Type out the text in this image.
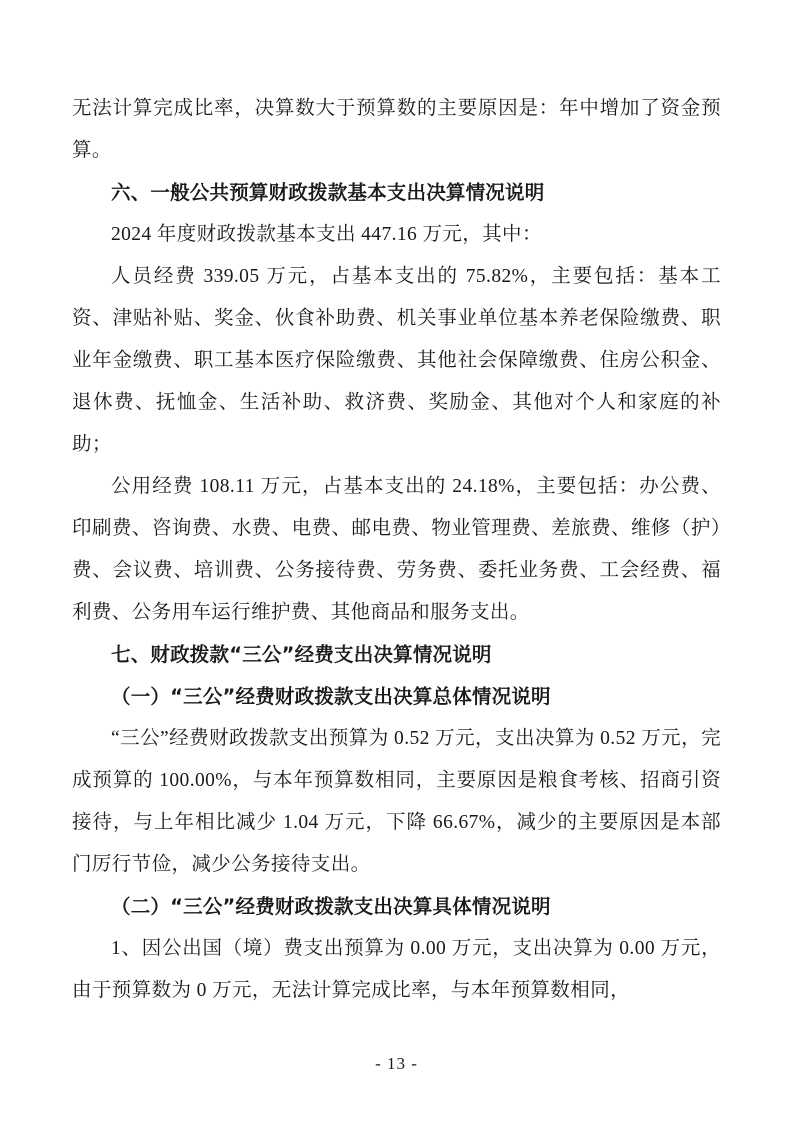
无法计算完成比率，决算数大于预算数的主要原因是：年中增加了资金预算。

六、一般公共预算财政拨款基本支出决算情况说明

2024 年度财政拨款基本支出 447.16 万元，其中：

人员经费 339.05 万元，占基本支出的 75.82%，主要包括：基本工资、津贴补贴、奖金、伙食补助费、机关事业单位基本养老保险缴费、职业年金缴费、职工基本医疗保险缴费、其他社会保障缴费、住房公积金、退休费、抚恤金、生活补助、救济费、奖励金、其他对个人和家庭的补助；

公用经费 108.11 万元，占基本支出的 24.18%，主要包括：办公费、印刷费、咨询费、水费、电费、邮电费、物业管理费、差旅费、维修（护）费、会议费、培训费、公务接待费、劳务费、委托业务费、工会经费、福利费、公务用车运行维护费、其他商品和服务支出。

七、财政拨款“三公”经费支出决算情况说明

（一）“三公”经费财政拨款支出决算总体情况说明

“三公”经费财政拨款支出预算为 0.52 万元，支出决算为 0.52 万元，完成预算的 100.00%，与本年预算数相同，主要原因是粮食考核、招商引资接待，与上年相比减少 1.04 万元，下降 66.67%，减少的主要原因是本部门厉行节俭，减少公务接待支出。

（二）“三公”经费财政拨款支出决算具体情况说明

1、因公出国（境）费支出预算为 0.00 万元，支出决算为 0.00 万元，由于预算数为 0 万元，无法计算完成比率，与本年预算数相同，

- 13 -
